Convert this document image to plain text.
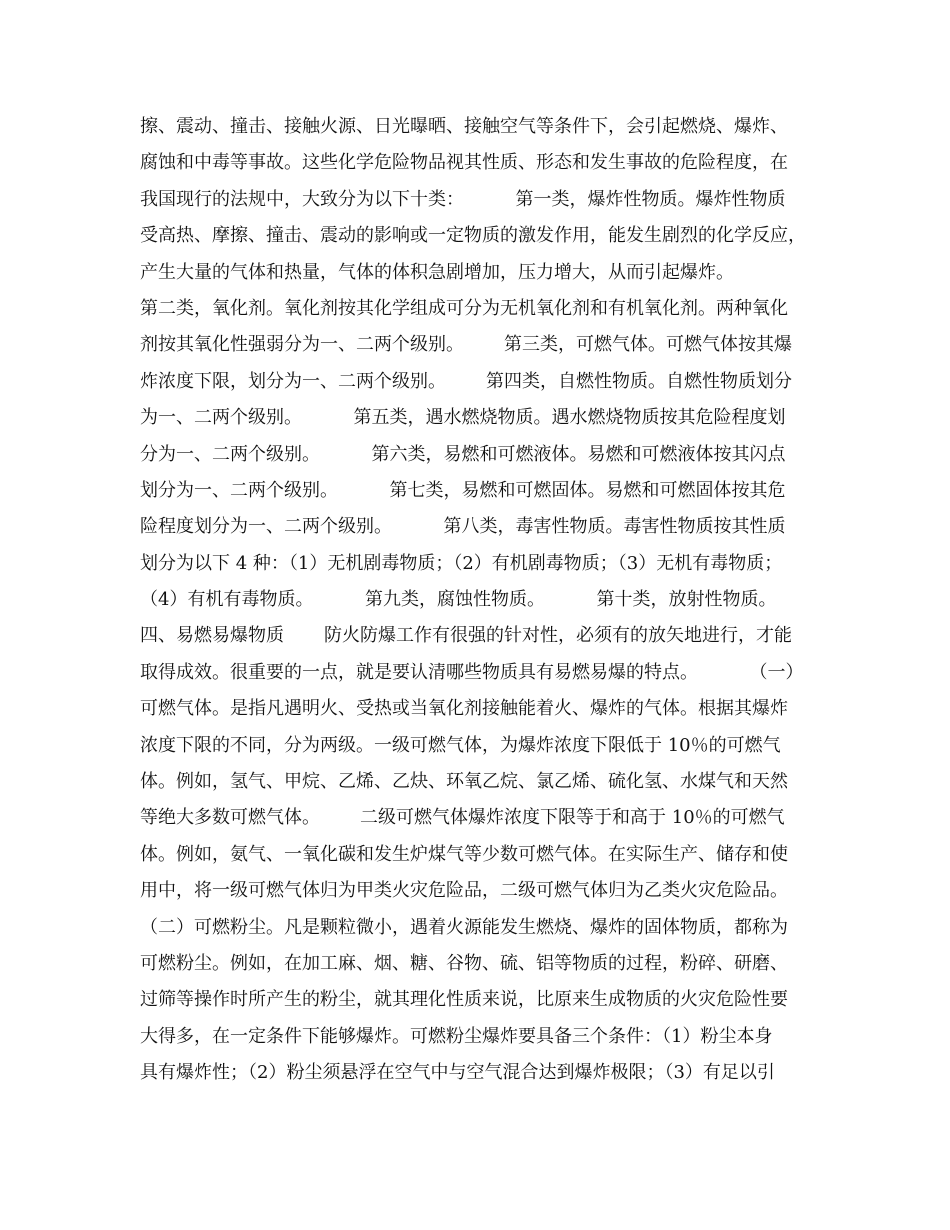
擦、震动、撞击、接触火源、日光曝晒、接触空气等条件下，会引起燃烧、爆炸、
腐蚀和中毒等事故。这些化学危险物品视其性质、形态和发生事故的危险程度，在
我国现行的法规中，大致分为以下十类：         第一类，爆炸性物质。爆炸性物质
受高热、摩擦、撞击、震动的影响或一定物质的激发作用，能发生剧烈的化学反应，
产生大量的气体和热量，气体的体积急剧增加，压力增大，从而引起爆炸。
第二类，氧化剂。氧化剂按其化学组成可分为无机氧化剂和有机氧化剂。两种氧化
剂按其氧化性强弱分为一、二两个级别。       第三类，可燃气体。可燃气体按其爆
炸浓度下限，划分为一、二两个级别。       第四类，自燃性物质。自燃性物质划分
为一、二两个级别。         第五类，遇水燃烧物质。遇水燃烧物质按其危险程度划
分为一、二两个级别。         第六类，易燃和可燃液体。易燃和可燃液体按其闪点
划分为一、二两个级别。         第七类，易燃和可燃固体。易燃和可燃固体按其危
险程度划分为一、二两个级别。         第八类，毒害性物质。毒害性物质按其性质
划分为以下 4 种：（1）无机剧毒物质；（2）有机剧毒物质；（3）无机有毒物质；
（4）有机有毒物质。         第九类，腐蚀性物质。         第十类，放射性物质。
四、易燃易爆物质       防火防爆工作有很强的针对性，必须有的放矢地进行，才能
取得成效。很重要的一点，就是要认清哪些物质具有易燃易爆的特点。         （一）
可燃气体。是指凡遇明火、受热或当氧化剂接触能着火、爆炸的气体。根据其爆炸
浓度下限的不同，分为两级。一级可燃气体，为爆炸浓度下限低于 10％的可燃气
体。例如，氢气、甲烷、乙烯、乙炔、环氧乙烷、氯乙烯、硫化氢、水煤气和天然
等绝大多数可燃气体。       二级可燃气体爆炸浓度下限等于和高于 10％的可燃气
体。例如，氨气、一氧化碳和发生炉煤气等少数可燃气体。在实际生产、储存和使
用中，将一级可燃气体归为甲类火灾危险品，二级可燃气体归为乙类火灾危险品。
（二）可燃粉尘。凡是颗粒微小，遇着火源能发生燃烧、爆炸的固体物质，都称为
可燃粉尘。例如，在加工麻、烟、糖、谷物、硫、铝等物质的过程，粉碎、研磨、
过筛等操作时所产生的粉尘，就其理化性质来说，比原来生成物质的火灾危险性要
大得多，在一定条件下能够爆炸。可燃粉尘爆炸要具备三个条件：（1）粉尘本身
具有爆炸性；（2）粉尘须悬浮在空气中与空气混合达到爆炸极限；（3）有足以引
